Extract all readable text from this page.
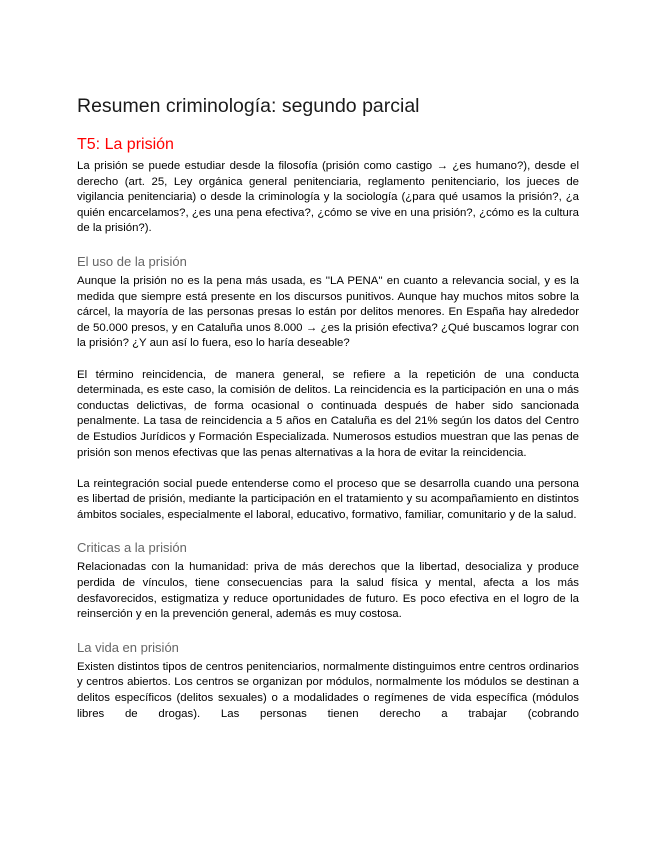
Resumen criminología: segundo parcial
T5: La prisión

La prisión se puede estudiar desde la filosofía (prisión como castigo → ¿es humano?), desde el derecho (art. 25, Ley orgánica general penitenciaria, reglamento penitenciario, los jueces de vigilancia penitenciaria) o desde la criminología y la sociología (¿para qué usamos la prisión?, ¿a quién encarcelamos?, ¿es una pena efectiva?, ¿cómo se vive en una prisión?, ¿cómo es la cultura de la prisión?).

El uso de la prisión

Aunque la prisión no es la pena más usada, es ''LA PENA'' en cuanto a relevancia social, y es la medida que siempre está presente en los discursos punitivos. Aunque hay muchos mitos sobre la cárcel, la mayoría de las personas presas lo están por delitos menores. En España hay alrededor de 50.000 presos, y en Cataluña unos 8.000 → ¿es la prisión efectiva? ¿Qué buscamos lograr con la prisión? ¿Y aun así lo fuera, eso lo haría deseable?

El término reincidencia, de manera general, se refiere a la repetición de una conducta determinada, es este caso, la comisión de delitos. La reincidencia es la participación en una o más conductas delictivas, de forma ocasional o continuada después de haber sido sancionada penalmente. La tasa de reincidencia a 5 años en Cataluña es del 21% según los datos del Centro de Estudios Jurídicos y Formación Especializada. Numerosos estudios muestran que las penas de prisión son menos efectivas que las penas alternativas a la hora de evitar la reincidencia.

La reintegración social puede entenderse como el proceso que se desarrolla cuando una persona es libertad de prisión, mediante la participación en el tratamiento y su acompañamiento en distintos ámbitos sociales, especialmente el laboral, educativo, formativo, familiar, comunitario y de la salud.

Criticas a la prisión

Relacionadas con la humanidad: priva de más derechos que la libertad, desocializa y produce perdida de vínculos, tiene consecuencias para la salud física y mental, afecta a los más desfavorecidos, estigmatiza y reduce oportunidades de futuro. Es poco efectiva en el logro de la reinserción y en la prevención general, además es muy costosa.

La vida en prisión

Existen distintos tipos de centros penitenciarios, normalmente distinguimos entre centros ordinarios y centros abiertos. Los centros se organizan por módulos, normalmente los módulos se destinan a delitos específicos (delitos sexuales) o a modalidades o regímenes de vida específica (módulos libres de drogas). Las personas tienen derecho a trabajar (cobrando
